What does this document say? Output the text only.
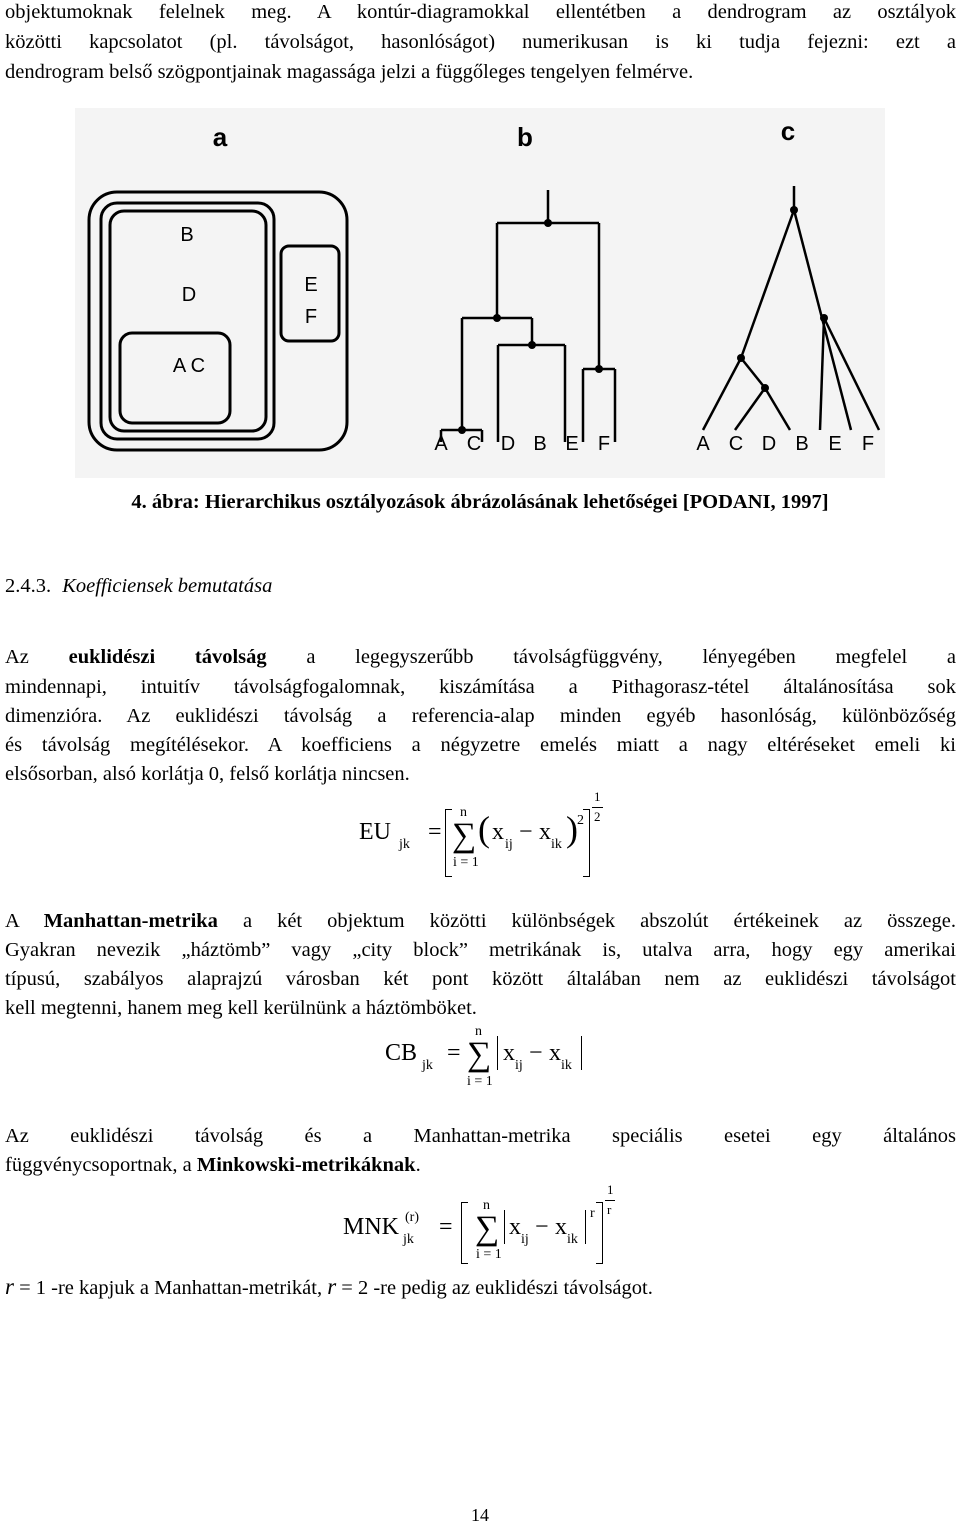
objektumoknak felelnek meg. A kontúr-diagramokkal ellentétben a dendrogram az osztályok
közötti kapcsolatot (pl. távolságot, hasonlóságot) numerikusan is ki tudja fejezni: ezt a
dendrogram belső szögpontjainak magassága jelzi a függőleges tengelyen felmérve.
a	b	c
B
D
A C
E
F
A C D B E F	A C D B E F
4. ábra: Hierarchikus osztályozások ábrázolásának lehetőségei [PODANI, 1997]
2.4.3. Koefficiensek bemutatása
Az euklidészi távolság a legegyszerűbb távolságfüggvény, lényegében megfelel a
mindennapi, intuitív távolságfogalomnak, kiszámítása a Pithagorasz-tétel általánosítása sok
dimenzióra. Az euklidészi távolság a referencia-alap minden egyéb hasonlóság, különbözőség
és távolság megítélésekor. A koefficiens a négyzetre emelés miatt a nagy eltéréseket emeli ki
elsősorban, alsó korlátja 0, felső korlátja nincsen.
EU jk =
n
∑
i = 1
( x ij − x ik ) 2
1
2
A Manhattan-metrika a két objektum közötti különbségek abszolút értékeinek az összege.
Gyakran nevezik „háztömb” vagy „city block” metrikának is, utalva arra, hogy egy amerikai
típusú, szabályos alaprajzú városban két pont között általában nem az euklidészi távolságot
kell megtenni, hanem meg kell kerülnünk a háztömböket.
CB jk =
n
∑
i = 1
x ij − x ik
Az euklidészi távolság és a Manhattan-metrika speciális esetei egy általános
függvénycsoportnak, a Minkowski-metrikáknak.
MNK (r)
jk =
n
∑
i = 1
x ij − x ik
r
1
r
r = 1 -re kapjuk a Manhattan-metrikát, r = 2 -re pedig az euklidészi távolságot.
14
